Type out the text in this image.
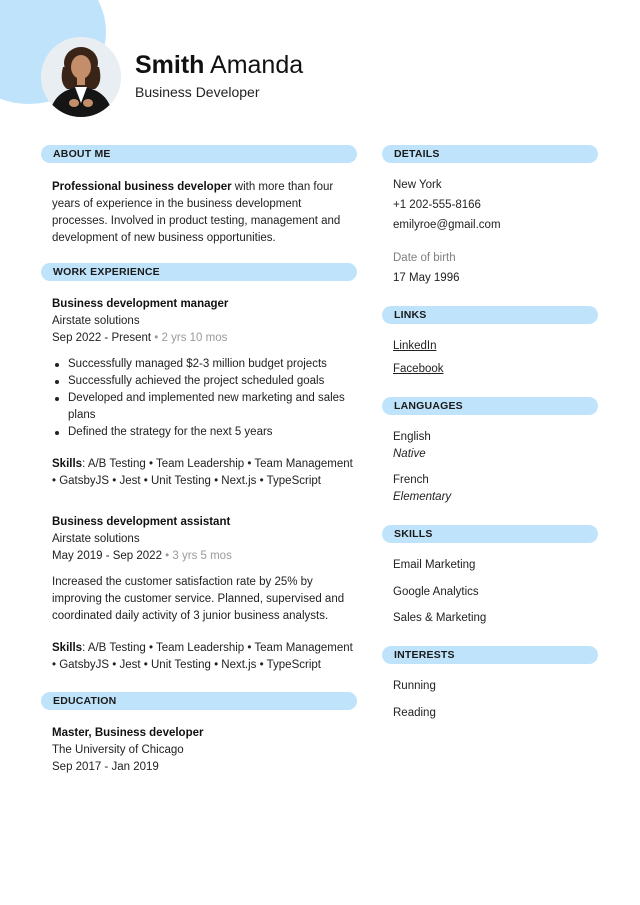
Smith Amanda
Business Developer
ABOUT ME
Professional business developer with more than four
years of experience in the business development
processes. Involved in product testing, management and
development of new business opportunities.
WORK EXPERIENCE
Business development manager
Airstate solutions
Sep 2022 - Present • 2 yrs 10 mos
Successfully managed $2-3 million budget projects
Successfully achieved the project scheduled goals
Developed and implemented new marketing and sales plans
Defined the strategy for the next 5 years
Skills: A/B Testing • Team Leadership • Team Management
• GatsbyJS • Jest • Unit Testing • Next.js • TypeScript
Business development assistant
Airstate solutions
May 2019 - Sep 2022 • 3 yrs 5 mos
Increased the customer satisfaction rate by 25% by
improving the customer service. Planned, supervised and
coordinated daily activity of 3 junior business analysts.
Skills: A/B Testing • Team Leadership • Team Management
• GatsbyJS • Jest • Unit Testing • Next.js • TypeScript
EDUCATION
Master, Business developer
The University of Chicago
Sep 2017 - Jan 2019
DETAILS
New York
+1 202-555-8166
emilyroe@gmail.com
Date of birth
17 May 1996
LINKS
LinkedIn
Facebook
LANGUAGES
English
Native
French
Elementary
SKILLS
Email Marketing
Google Analytics
Sales & Marketing
INTERESTS
Running
Reading
